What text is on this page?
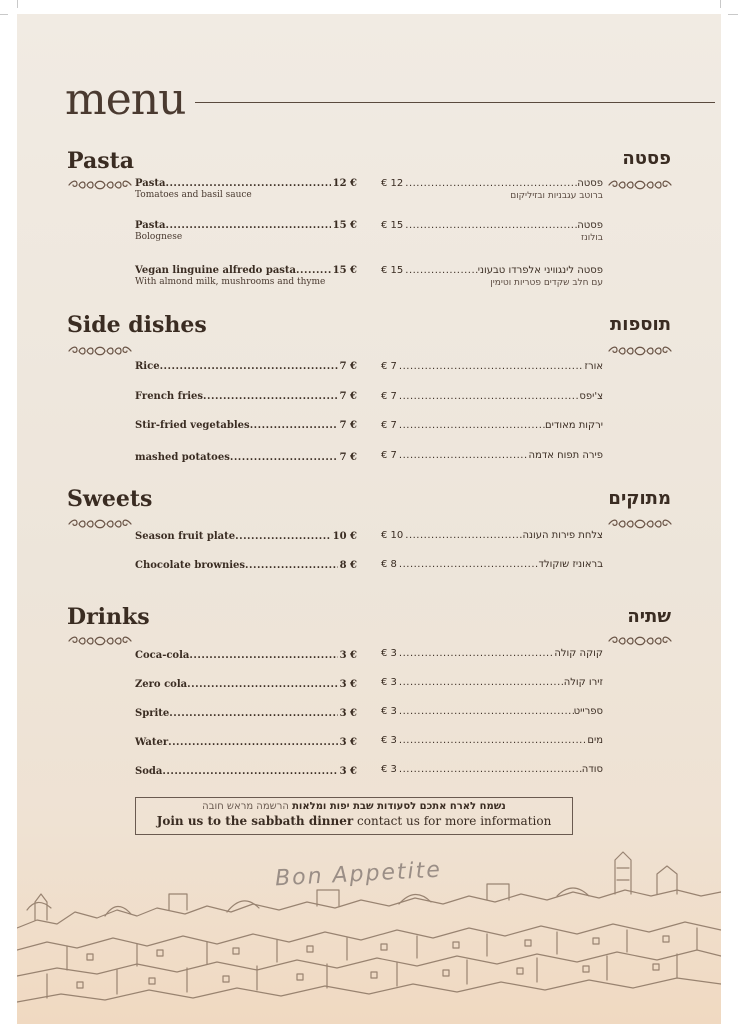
menu
Pasta	פסטה
Pasta .....	12 €
Tomatoes and basil sauce
Pasta .....	15 €
Bolognese
Vegan linguine alfredo pasta .....	15 €
With almond milk, mushrooms and thyme
€ 12 .....	פסטה
ברוטב עגבניות ובזיליקום
€ 15 .....	פסטה
בולונז
€ 15 .....	פסטה לינגוויני אלפרדו טבעוני
עם חלב שקדים פטריות וטימין
Side dishes	תוספות
Rice .....	7 €
French fries .....	7 €
Stir-fried vegetables .....	7 €
mashed potatoes .....	7 €
€ 7 .....	אורז
€ 7 .....	צ'יפס
€ 7 .....	ירקות מאודים
€ 7 .....	פירה תפוח אדמה
Sweets	מתוקים
Season fruit plate .....	10 €
Chocolate brownies .....	8 €
€ 10 .....	צלחת פירות העונה
€ 8 .....	בראוניז שוקולד
Drinks	שתיה
Coca-cola .....	3 €
Zero cola .....	3 €
Sprite .....	3 €
Water .....	3 €
Soda .....	3 €
€ 3 .....	קוקה קולה
€ 3 .....	זירו קולה
€ 3 .....	ספרייט
€ 3 .....	מים
€ 3 .....	סודה
נשמח לארח אתכם לסעודות שבת יפות ומלאות הרשמה מראש חובה
Join us to the sabbath dinner contact us for more information
Bon Appetite
